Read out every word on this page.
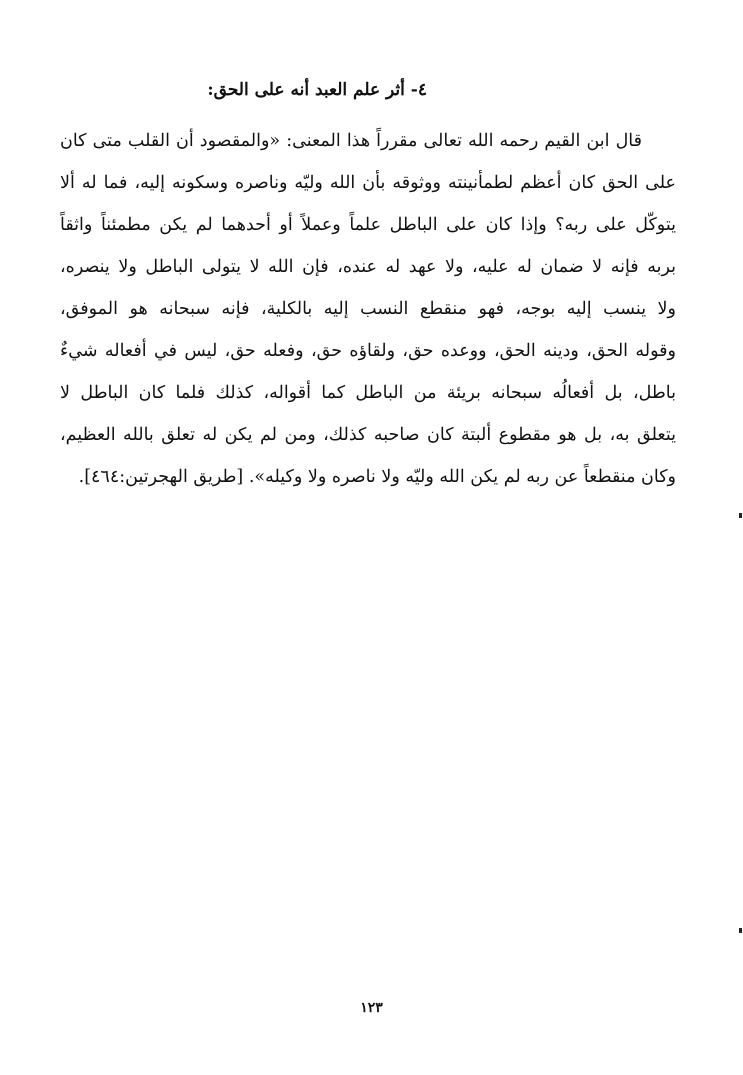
٤- أثر علم العبد أنه على الحق:
قال ابن القيم رحمه الله تعالى مقرراً هذا المعنى: «والمقصود أن القلب متى كان
على الحق كان أعظم لطمأنينته ووثوقه بأن الله وليّه وناصره وسكونه إليه، فما له ألا
يتوكّل على ربه؟ وإذا كان على الباطل علماً وعملاً أو أحدهما لم يكن مطمئناً واثقاً
بربه فإنه لا ضمان له عليه، ولا عهد له عنده، فإن الله لا يتولى الباطل ولا ينصره،
ولا ينسب إليه بوجه، فهو منقطع النسب إليه بالكلية، فإنه سبحانه هو الموفق،
وقوله الحق، ودينه الحق، ووعده حق، ولقاؤه حق، وفعله حق، ليس في أفعاله شيءٌ
باطل، بل أفعالُه سبحانه بريئة من الباطل كما أقواله، كذلك فلما كان الباطل لا
يتعلق به، بل هو مقطوع ألبتة كان صاحبه كذلك، ومن لم يكن له تعلق بالله العظيم،
وكان منقطعاً عن ربه لم يكن الله وليّه ولا ناصره ولا وكيله». [طريق الهجرتين:٤٦٤].
١٢٣
